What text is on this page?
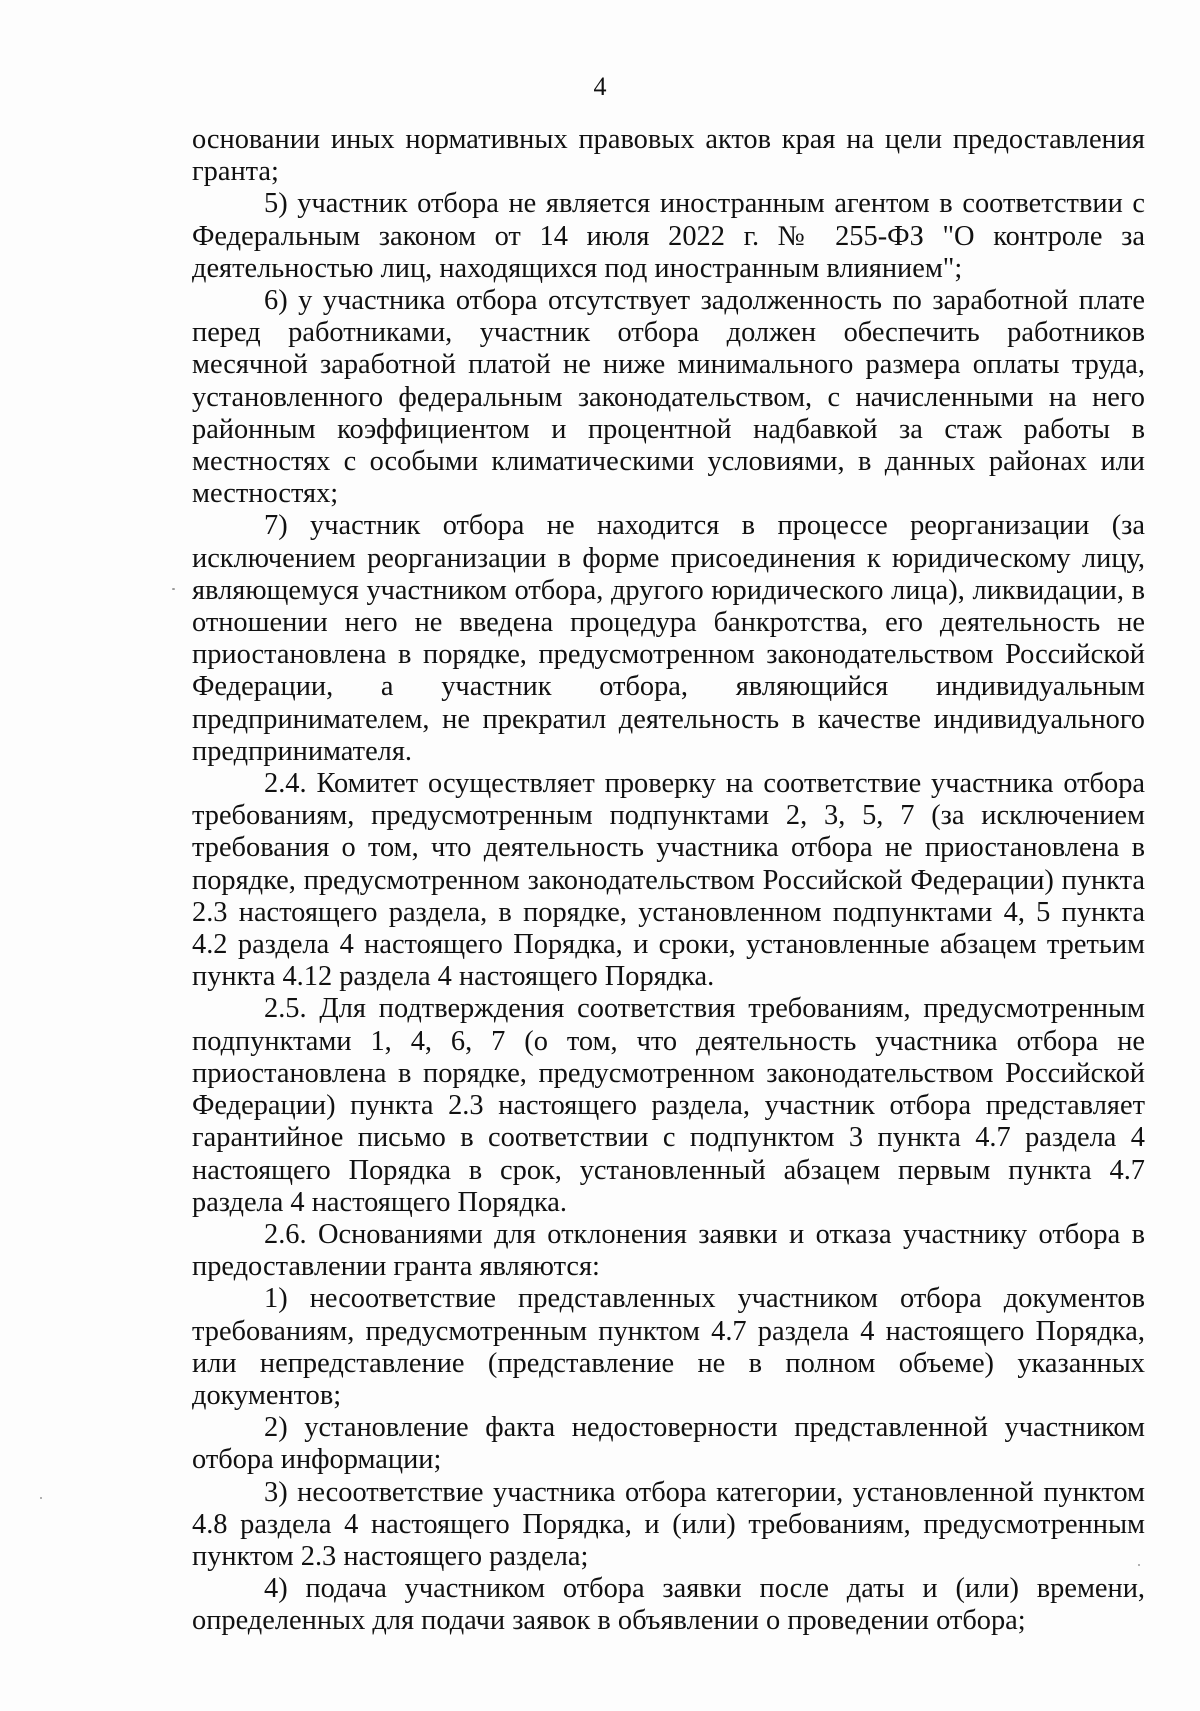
4

основании иных нормативных правовых актов края на цели предоставления гранта;

5) участник отбора не является иностранным агентом в соответствии с Федеральным законом от 14 июля 2022 г. № 255-ФЗ "О контроле за деятельностью лиц, находящихся под иностранным влиянием";

6) у участника отбора отсутствует задолженность по заработной плате перед работниками, участник отбора должен обеспечить работников месячной заработной платой не ниже минимального размера оплаты труда, установленного федеральным законодательством, с начисленными на него районным коэффициентом и процентной надбавкой за стаж работы в местностях с особыми климатическими условиями, в данных районах или местностях;

7) участник отбора не находится в процессе реорганизации (за исключением реорганизации в форме присоединения к юридическому лицу, являющемуся участником отбора, другого юридического лица), ликвидации, в отношении него не введена процедура банкротства, его деятельность не приостановлена в порядке, предусмотренном законодательством Российской Федерации, а участник отбора, являющийся индивидуальным предпринимателем, не прекратил деятельность в качестве индивидуального предпринимателя.

2.4. Комитет осуществляет проверку на соответствие участника отбора требованиям, предусмотренным подпунктами 2, 3, 5, 7 (за исключением требования о том, что деятельность участника отбора не приостановлена в порядке, предусмотренном законодательством Российской Федерации) пункта 2.3 настоящего раздела, в порядке, установленном подпунктами 4, 5 пункта 4.2 раздела 4 настоящего Порядка, и сроки, установленные абзацем третьим пункта 4.12 раздела 4 настоящего Порядка.

2.5. Для подтверждения соответствия требованиям, предусмотренным подпунктами 1, 4, 6, 7 (о том, что деятельность участника отбора не приостановлена в порядке, предусмотренном законодательством Российской Федерации) пункта 2.3 настоящего раздела, участник отбора представляет гарантийное письмо в соответствии с подпунктом 3 пункта 4.7 раздела 4 настоящего Порядка в срок, установленный абзацем первым пункта 4.7 раздела 4 настоящего Порядка.

2.6. Основаниями для отклонения заявки и отказа участнику отбора в предоставлении гранта являются:

1) несоответствие представленных участником отбора документов требованиям, предусмотренным пунктом 4.7 раздела 4 настоящего Порядка, или непредставление (представление не в полном объеме) указанных документов;

2) установление факта недостоверности представленной участником отбора информации;

3) несоответствие участника отбора категории, установленной пунктом 4.8 раздела 4 настоящего Порядка, и (или) требованиям, предусмотренным пунктом 2.3 настоящего раздела;

4) подача участником отбора заявки после даты и (или) времени, определенных для подачи заявок в объявлении о проведении отбора;
